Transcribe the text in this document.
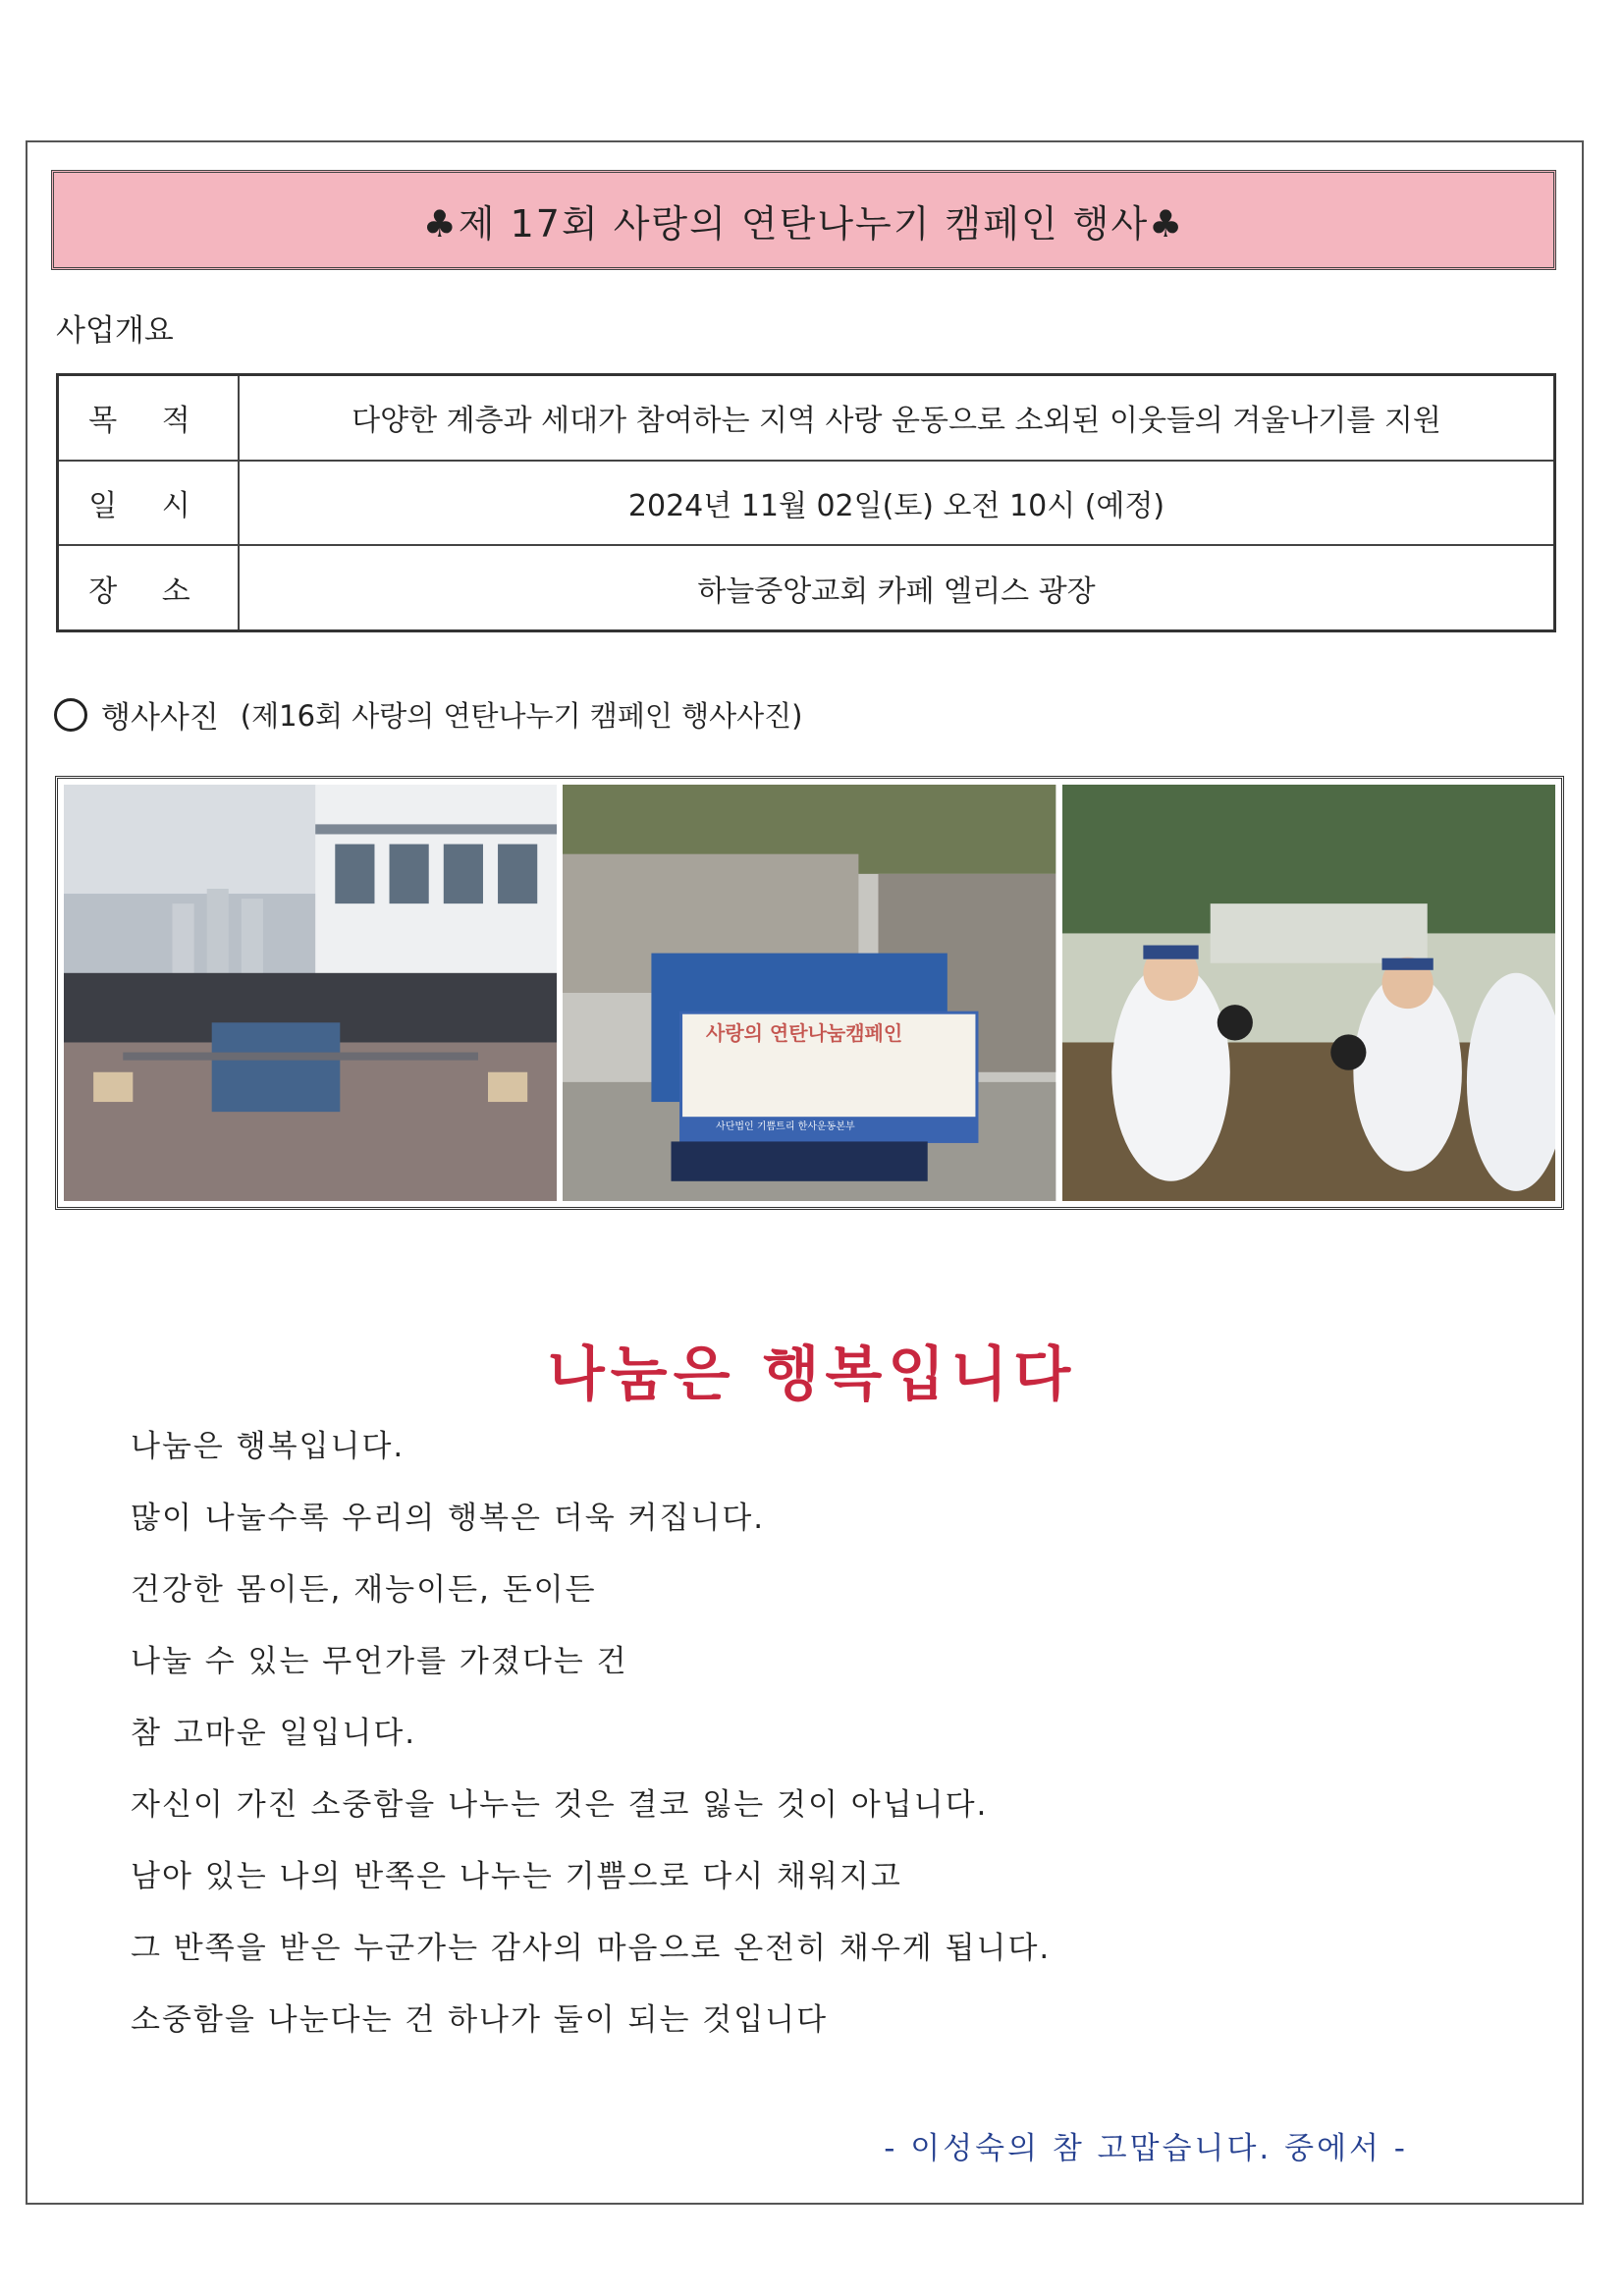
♣제 17회 사랑의 연탄나누기 캠페인 행사♣
사업개요
목 적	다양한 계층과 세대가 참여하는 지역 사랑 운동으로 소외된 이웃들의 겨울나기를 지원
일 시	2024년 11월 02일(토) 오전 10시 (예정)
장 소	하늘중앙교회 카페 엘리스 광장
행사사진 (제16회 사랑의 연탄나누기 캠페인 행사사진)
사랑의 연탄나눔캠페인
사단법인 기쁨트리 한사운동본부
나눔은 행복입니다
나눔은 행복입니다.
많이 나눌수록 우리의 행복은 더욱 커집니다.
건강한 몸이든, 재능이든, 돈이든
나눌 수 있는 무언가를 가졌다는 건
참 고마운 일입니다.
자신이 가진 소중함을 나누는 것은 결코 잃는 것이 아닙니다.
남아 있는 나의 반쪽은 나누는 기쁨으로 다시 채워지고
그 반쪽을 받은 누군가는 감사의 마음으로 온전히 채우게 됩니다.
소중함을 나눈다는 건 하나가 둘이 되는 것입니다
- 이성숙의 참 고맙습니다. 중에서 -
